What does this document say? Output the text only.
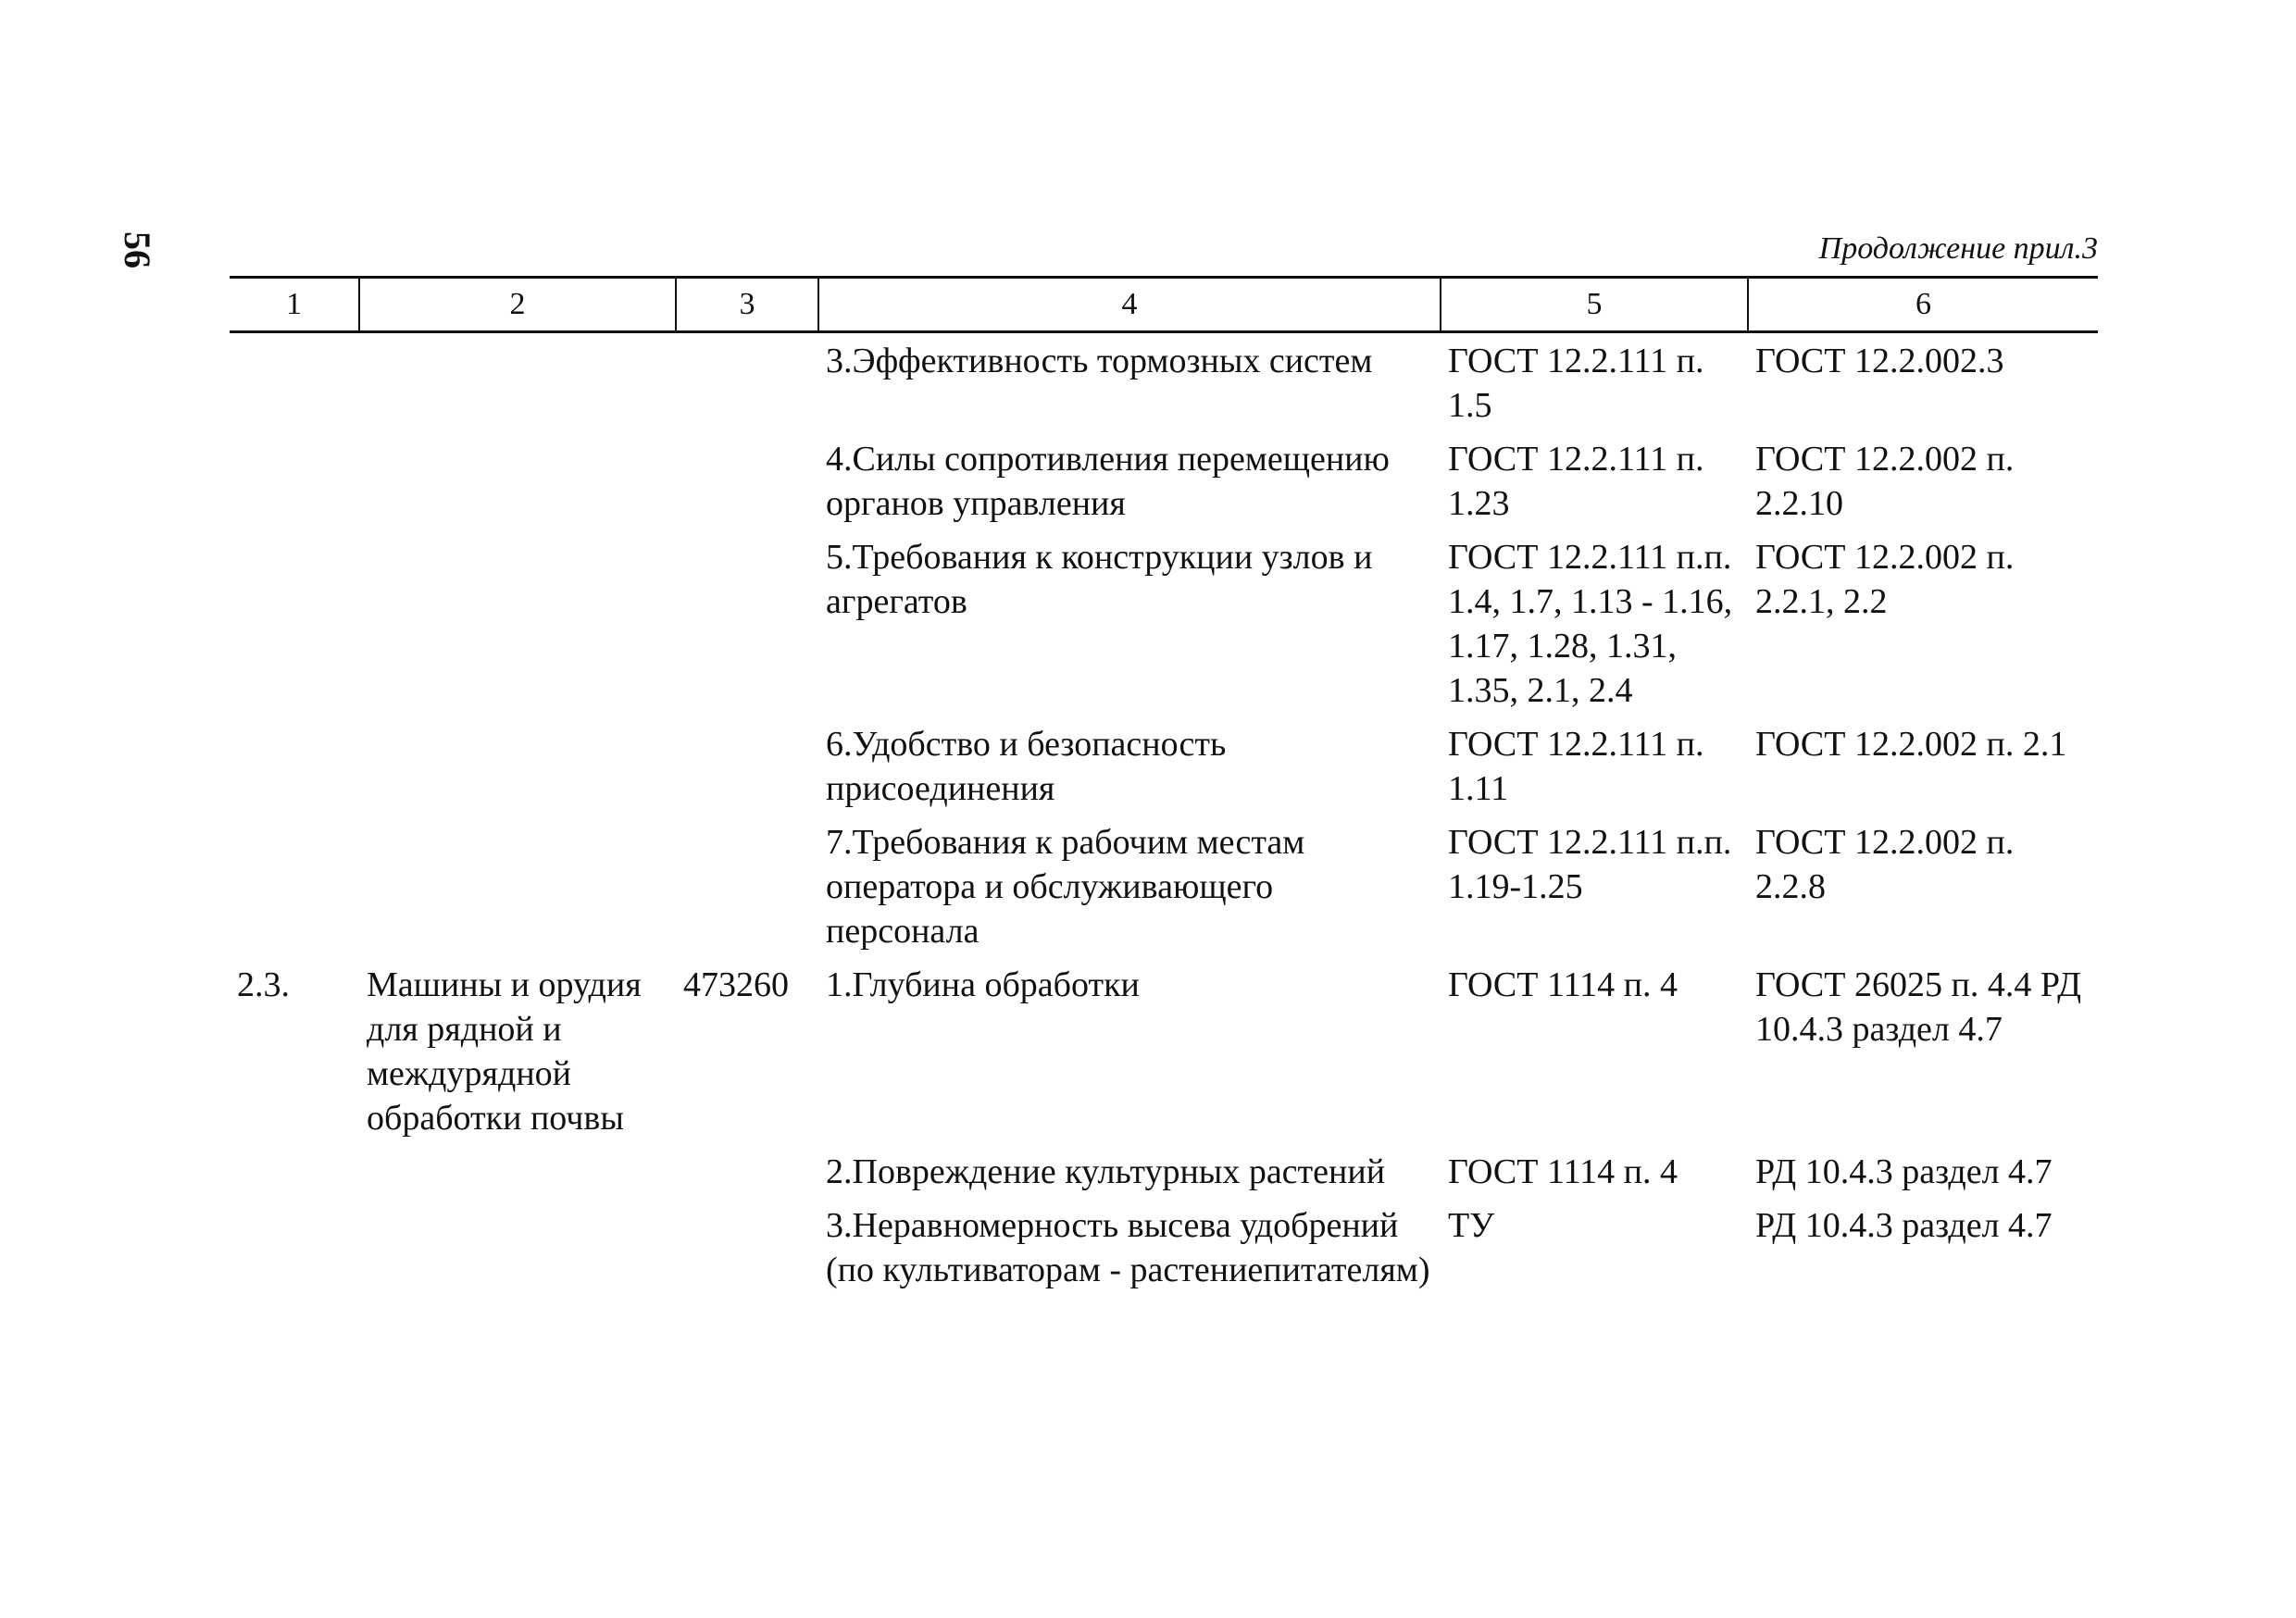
56	Продолжение прил.3
1	2	3	4	5	6
			3.Эффективность тормозных систем	ГОСТ 12.2.111 п. 1.5	ГОСТ 12.2.002.3
			4.Силы сопротивления перемещению органов управления	ГОСТ 12.2.111 п. 1.23	ГОСТ 12.2.002 п. 2.2.10
			5.Требования к конструкции узлов и агрегатов	ГОСТ 12.2.111 п.п. 1.4, 1.7, 1.13 - 1.16, 1.17, 1.28, 1.31, 1.35, 2.1, 2.4	ГОСТ 12.2.002 п. 2.2.1, 2.2
			6.Удобство и безопасность присоединения	ГОСТ 12.2.111 п. 1.11	ГОСТ 12.2.002 п. 2.1
			7.Требования к рабочим местам оператора и обслуживающего персонала	ГОСТ 12.2.111 п.п. 1.19-1.25	ГОСТ 12.2.002 п. 2.2.8
2.3.	Машины и орудия для рядной и междурядной обработки почвы	473260	1.Глубина обработки	ГОСТ 1114 п. 4	ГОСТ 26025 п. 4.4 РД 10.4.3 раздел 4.7
			2.Повреждение культурных растений	ГОСТ 1114 п. 4	РД 10.4.3 раздел 4.7
			3.Неравномерность высева удобрений (по культиваторам - растениепитателям)	ТУ	РД 10.4.3 раздел 4.7
